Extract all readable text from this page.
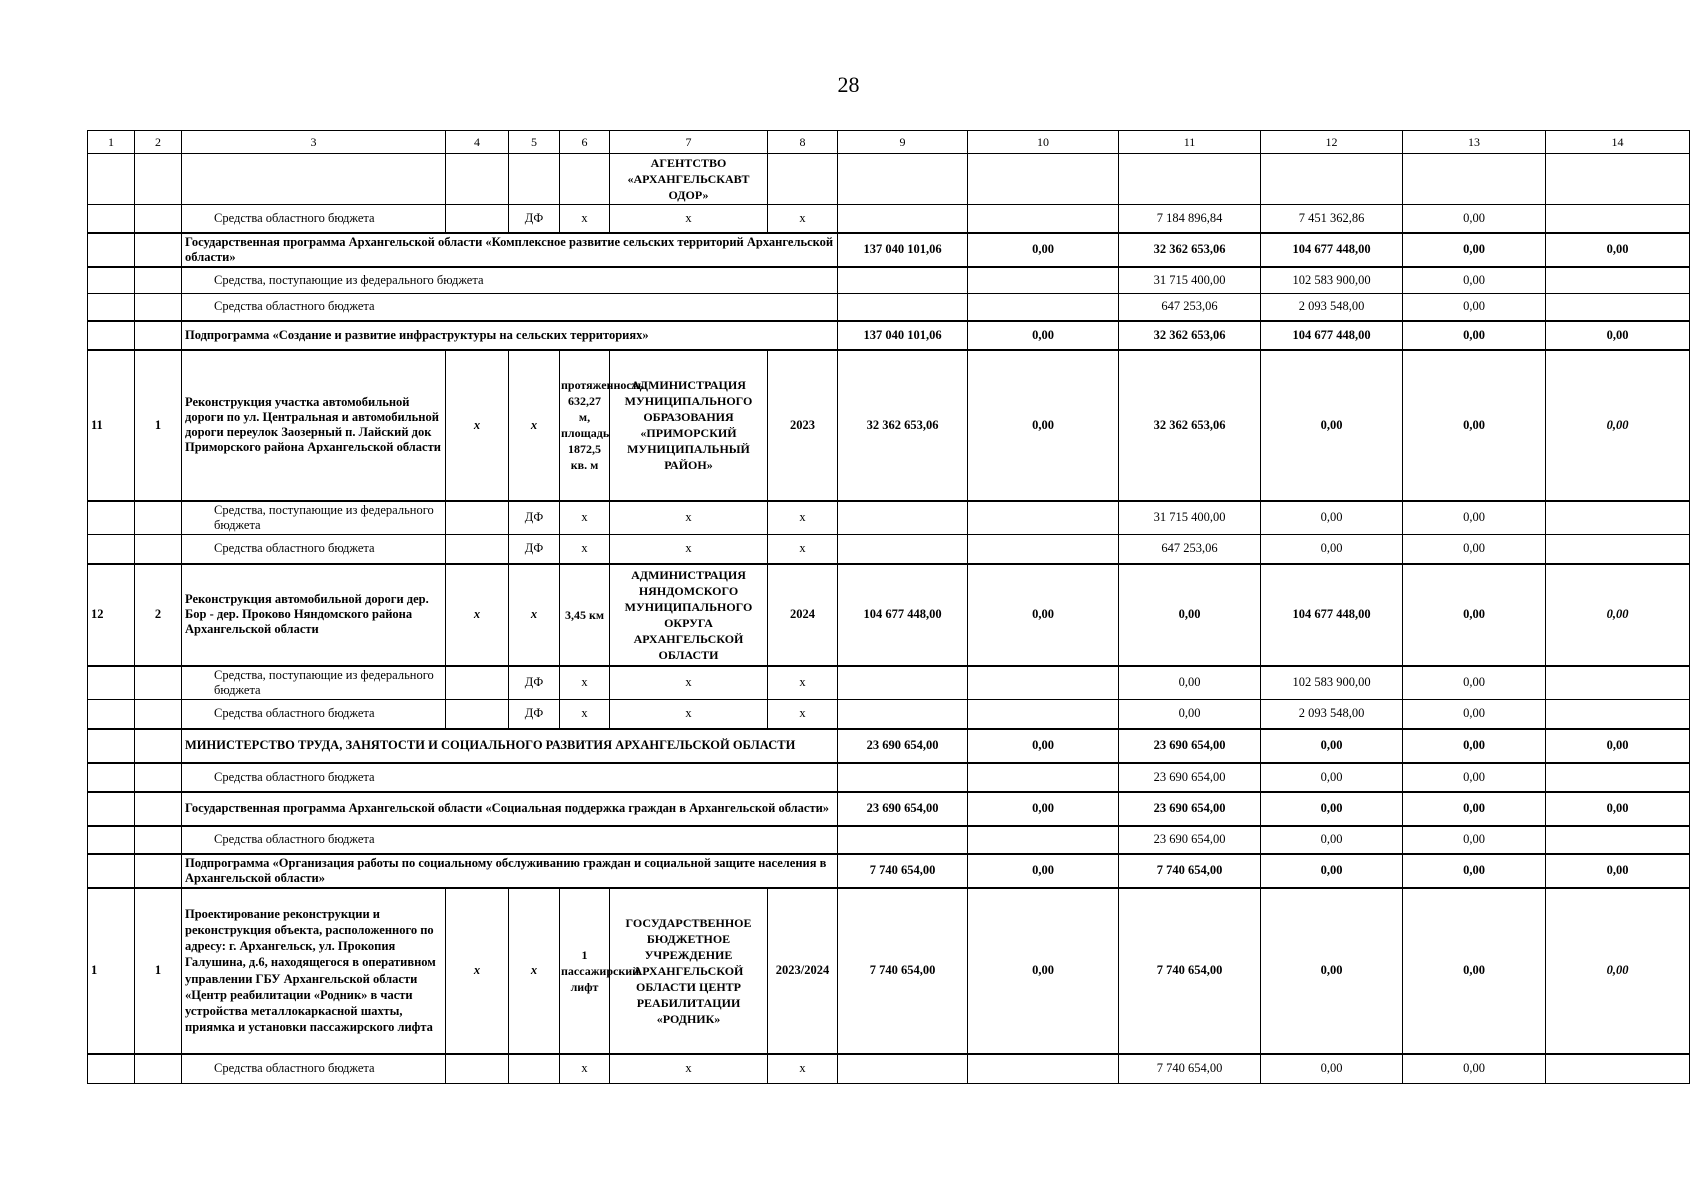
28
1	2	3	4	5	6	7	8	9	10	11	12	13	14
						АГЕНТСТВО «АРХАНГЕЛЬСКАВТ ОДОР»							
		Средства областного бюджета		ДФ	х	х	х			7 184 896,84	7 451 362,86	0,00	
		Государственная программа Архангельской области «Комплексное развитие сельских территорий Архангельской области»						137 040 101,06	0,00	32 362 653,06	104 677 448,00	0,00	0,00
		Средства, поступающие из федерального бюджета								31 715 400,00	102 583 900,00	0,00	
		Средства областного бюджета								647 253,06	2 093 548,00	0,00	
		Подпрограмма «Создание и развитие инфраструктуры на сельских территориях»						137 040 101,06	0,00	32 362 653,06	104 677 448,00	0,00	0,00
11	1	Реконструкция участка автомобильной дороги по ул. Центральная и автомобильной дороги переулок Заозерный п. Лайский док Приморского района Архангельской области	х	х	протяженность 632,27 м, площадь 1872,5 кв. м	АДМИНИСТРАЦИЯ МУНИЦИПАЛЬНОГО ОБРАЗОВАНИЯ «ПРИМОРСКИЙ МУНИЦИПАЛЬНЫЙ РАЙОН»	2023	32 362 653,06	0,00	32 362 653,06	0,00	0,00	0,00
		Средства, поступающие из федерального бюджета		ДФ	х	х	х			31 715 400,00	0,00	0,00	
		Средства областного бюджета		ДФ	х	х	х			647 253,06	0,00	0,00	
12	2	Реконструкция автомобильной дороги дер. Бор - дер. Проково Няндомского района Архангельской области	х	х	3,45 км	АДМИНИСТРАЦИЯ НЯНДОМСКОГО МУНИЦИПАЛЬНОГО ОКРУГА АРХАНГЕЛЬСКОЙ ОБЛАСТИ	2024	104 677 448,00	0,00	0,00	104 677 448,00	0,00	0,00
		Средства, поступающие из федерального бюджета		ДФ	х	х	х			0,00	102 583 900,00	0,00	
		Средства областного бюджета		ДФ	х	х	х			0,00	2 093 548,00	0,00	
		МИНИСТЕРСТВО ТРУДА, ЗАНЯТОСТИ И СОЦИАЛЬНОГО РАЗВИТИЯ АРХАНГЕЛЬСКОЙ ОБЛАСТИ						23 690 654,00	0,00	23 690 654,00	0,00	0,00	0,00
		Средства областного бюджета								23 690 654,00	0,00	0,00	
		Государственная программа Архангельской области «Социальная поддержка граждан в Архангельской области»						23 690 654,00	0,00	23 690 654,00	0,00	0,00	0,00
		Средства областного бюджета								23 690 654,00	0,00	0,00	
		Подпрограмма «Организация работы по социальному обслуживанию граждан и социальной защите населения в Архангельской области»						7 740 654,00	0,00	7 740 654,00	0,00	0,00	0,00
1	1	Проектирование реконструкции и реконструкция объекта, расположенного по адресу: г. Архангельск, ул. Прокопия Галушина, д.6, находящегося в оперативном управлении ГБУ Архангельской области «Центр реабилитации «Родник» в части устройства металлокаркасной шахты, приямка и установки пассажирского лифта	х	х	1 пассажирский лифт	ГОСУДАРСТВЕННОЕ БЮДЖЕТНОЕ УЧРЕЖДЕНИЕ АРХАНГЕЛЬСКОЙ ОБЛАСТИ ЦЕНТР РЕАБИЛИТАЦИИ «РОДНИК»	2023/2024	7 740 654,00	0,00	7 740 654,00	0,00	0,00	0,00
		Средства областного бюджета			х	х	х			7 740 654,00	0,00	0,00	
